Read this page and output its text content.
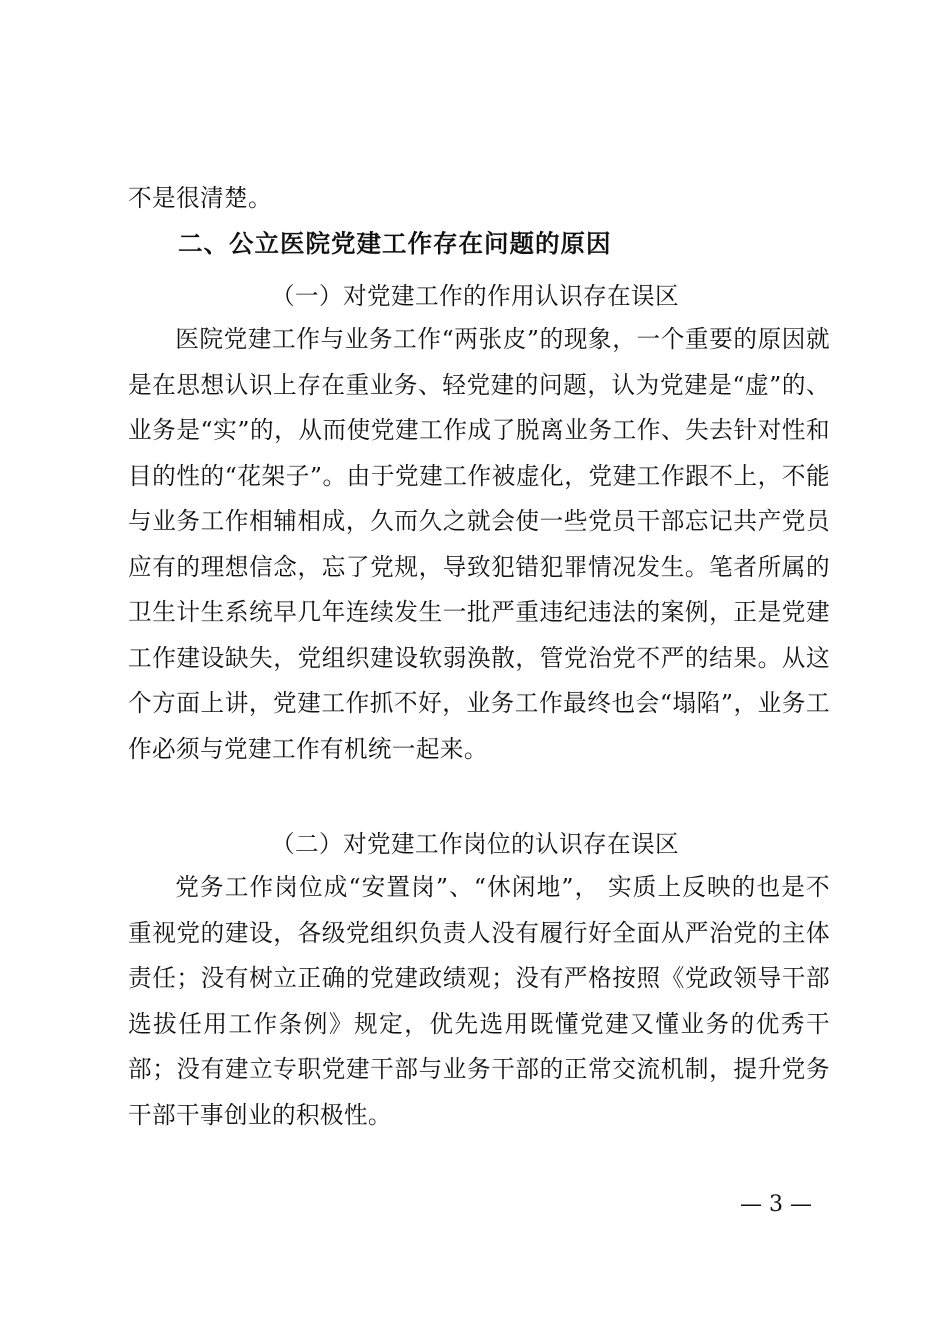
不是很清楚。
二、公立医院党建工作存在问题的原因
（一）对党建工作的作用认识存在误区
医院党建工作与业务工作“两张皮”的现象，一个重要的原因就是在思想认识上存在重业务、轻党建的问题，认为党建是“虚”的、业务是“实”的，从而使党建工作成了脱离业务工作、失去针对性和目的性的“花架子”。由于党建工作被虚化，党建工作跟不上，不能与业务工作相辅相成，久而久之就会使一些党员干部忘记共产党员应有的理想信念，忘了党规，导致犯错犯罪情况发生。笔者所属的卫生计生系统早几年连续发生一批严重违纪违法的案例，正是党建工作建设缺失，党组织建设软弱涣散，管党治党不严的结果。从这个方面上讲，党建工作抓不好，业务工作最终也会“塌陷”，业务工作必须与党建工作有机统一起来。
（二）对党建工作岗位的认识存在误区
党务工作岗位成“安置岗”、“休闲地”， 实质上反映的也是不重视党的建设，各级党组织负责人没有履行好全面从严治党的主体责任；没有树立正确的党建政绩观；没有严格按照《党政领导干部选拔任用工作条例》规定，优先选用既懂党建又懂业务的优秀干部；没有建立专职党建干部与业务干部的正常交流机制，提升党务干部干事创业的积极性。
— 3 —
